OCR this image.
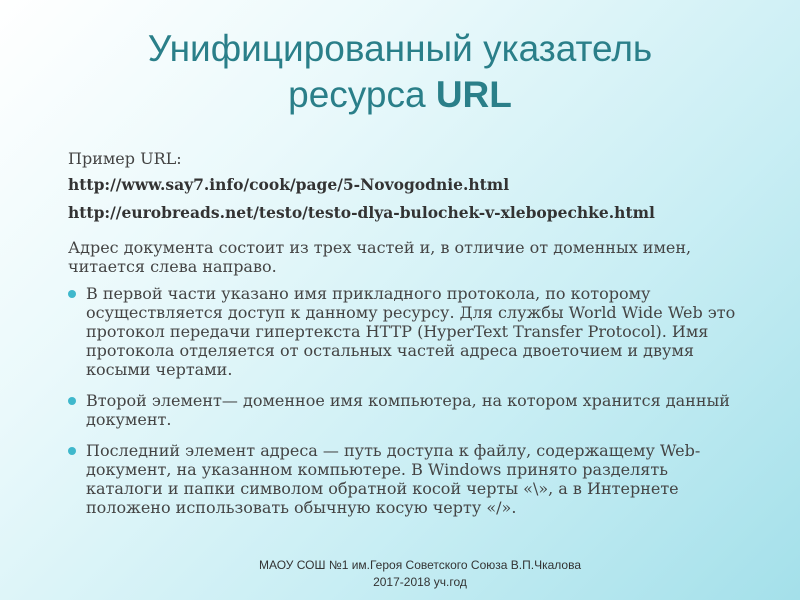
Унифицированный указатель
ресурса URL
Пример URL:
http://www.say7.info/cook/page/5-Novogodnie.html
http://eurobreads.net/testo/testo-dlya-bulochek-v-xlebopechke.html
Адрес документа состоит из трех частей и, в отличие от доменных имен, читается слева направо.
В первой части указано имя прикладного протокола, по которому осуществляется доступ к данному ресурсу. Для службы World Wide Web это протокол передачи гипертекста HTTP (HyperText Transfer Protocol). Имя протокола отделяется от остальных частей адреса двоеточием и двумя косыми чертами.
Второй элемент— доменное имя компьютера, на котором хранится данный документ.
Последний элемент адреса — путь доступа к файлу, содержащему Web-документ, на указанном компьютере. В Windows принято разделять каталоги и папки символом обратной косой черты «\», а в Интернете положено использовать обычную косую черту «/».
МАОУ СОШ №1 им.Героя Советского Союза В.П.Чкалова
2017-2018 уч.год
